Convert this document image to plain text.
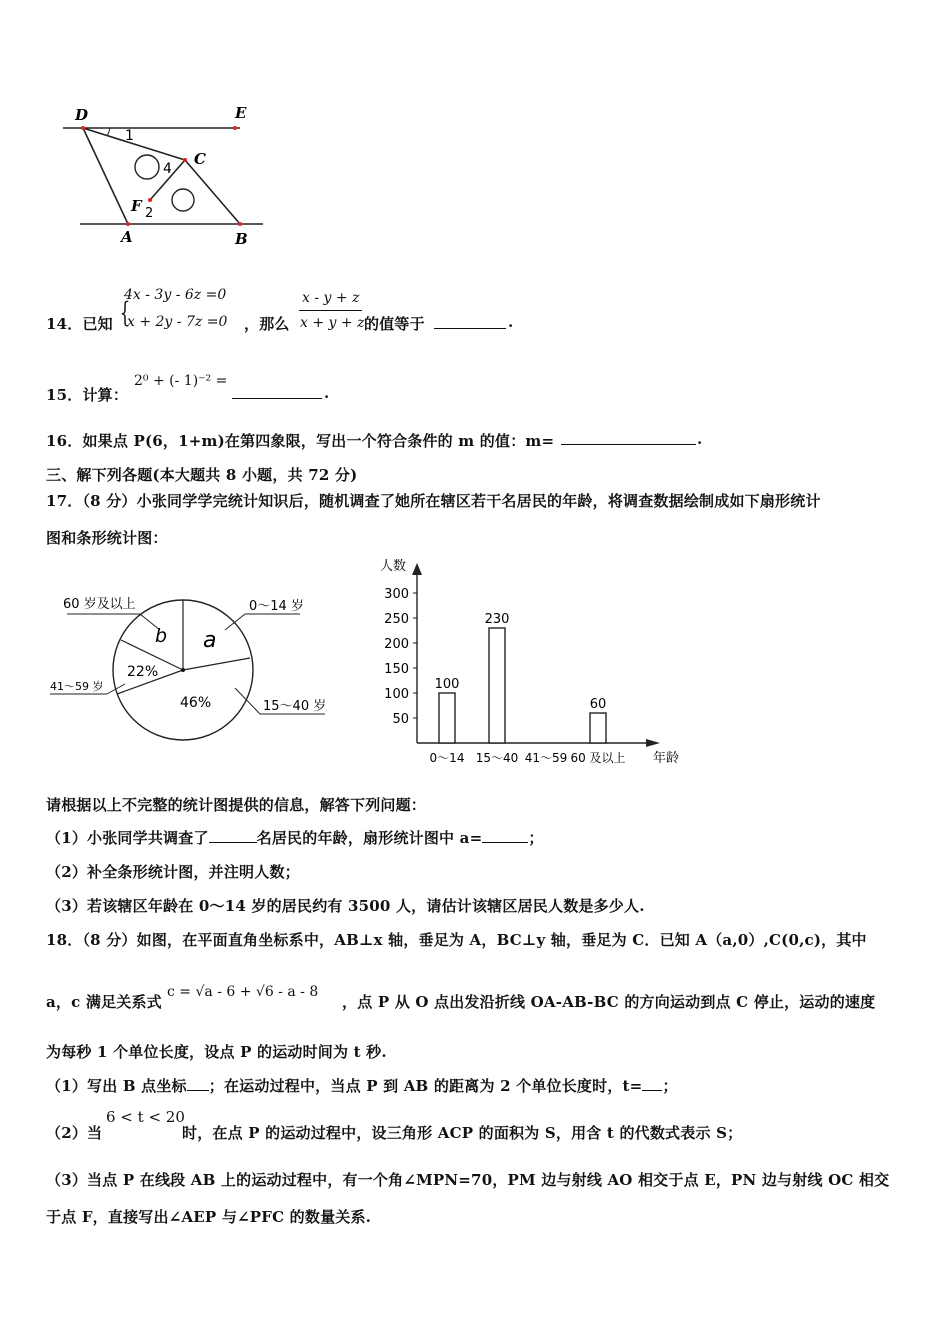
D	E
C
F
A	B
1
2
4
14．已知 {
4x - 3y - 6z =0
x + 2y - 7z =0 ，那么
x - y + z
x + y + z 的值等于	.
15．计算：
2⁰ + (- 1)⁻² =
.
16．如果点 P(6，1+m)在第四象限，写出一个符合条件的 m 的值：m=	.
三、解下列各题(本大题共 8 小题，共 72 分)
17．（8 分）小张同学学完统计知识后，随机调查了她所在辖区若干名居民的年龄，将调查数据绘制成如下扇形统计
图和条形统计图：
60 岁及以上	0～14 岁
41～59 岁
15～40 岁
b a
22%
46%
人数
年龄
300
250
200
150
100
50
100
0～14
230
15～40 41～59
60
60 及以上
请根据以上不完整的统计图提供的信息，解答下列问题：
（1）小张同学共调查了	名居民的年龄，扇形统计图中 a=	；
（2）补全条形统计图，并注明人数；
（3）若该辖区年龄在 0～14 岁的居民约有 3500 人，请估计该辖区居民人数是多少人.
18．（8 分）如图，在平面直角坐标系中，AB⊥x 轴，垂足为 A，BC⊥y 轴，垂足为 C．已知 A（a,0）,C(0,c)，其中
a，c 满足关系式
c = √a - 6 + √6 - a - 8
，点 P 从 O 点出发沿折线 OA-AB-BC 的方向运动到点 C 停止，运动的速度
为每秒 1 个单位长度，设点 P 的运动时间为 t 秒.
（1）写出 B 点坐标 ；在运动过程中，当点 P 到 AB 的距离为 2 个单位长度时，t= ；
（2）当
6 < t < 20
时，在点 P 的运动过程中，设三角形 ACP 的面积为 S，用含 t 的代数式表示 S；
（3）当点 P 在线段 AB 上的运动过程中，有一个角∠MPN=70，PM 边与射线 AO 相交于点 E，PN 边与射线 OC 相交
于点 F，直接写出∠AEP 与∠PFC 的数量关系.
